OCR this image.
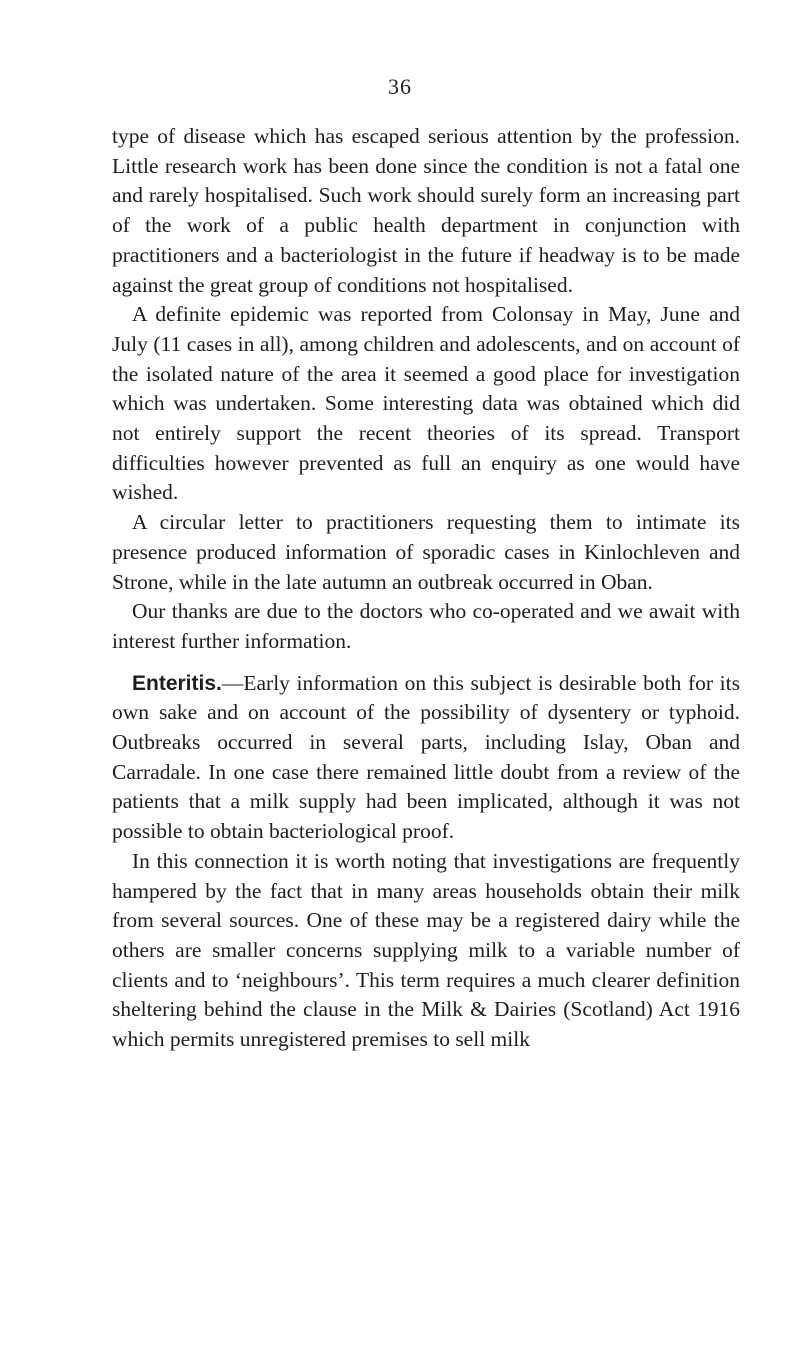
36

type of disease which has escaped serious attention by the profession. Little research work has been done since the condition is not a fatal one and rarely hospitalised. Such work should surely form an increasing part of the work of a public health department in conjunction with practitioners and a bacteriologist in the future if headway is to be made against the great group of conditions not hospitalised.

A definite epidemic was reported from Colonsay in May, June and July (11 cases in all), among children and adolescents, and on account of the isolated nature of the area it seemed a good place for investigation which was undertaken. Some interesting data was obtained which did not entirely support the recent theories of its spread. Transport difficulties however prevented as full an enquiry as one would have wished.

A circular letter to practitioners requesting them to intimate its presence produced information of sporadic cases in Kinlochleven and Strone, while in the late autumn an outbreak occurred in Oban.

Our thanks are due to the doctors who co-operated and we await with interest further information.

Enteritis.—Early information on this subject is desirable both for its own sake and on account of the possibility of dysentery or typhoid. Outbreaks occurred in several parts, including Islay, Oban and Carradale. In one case there remained little doubt from a review of the patients that a milk supply had been implicated, although it was not possible to obtain bacteriological proof.

In this connection it is worth noting that investigations are frequently hampered by the fact that in many areas households obtain their milk from several sources. One of these may be a registered dairy while the others are smaller concerns supplying milk to a variable number of clients and to ‘neighbours’. This term requires a much clearer definition sheltering behind the clause in the Milk & Dairies (Scotland) Act 1916 which permits unregistered premises to sell milk
